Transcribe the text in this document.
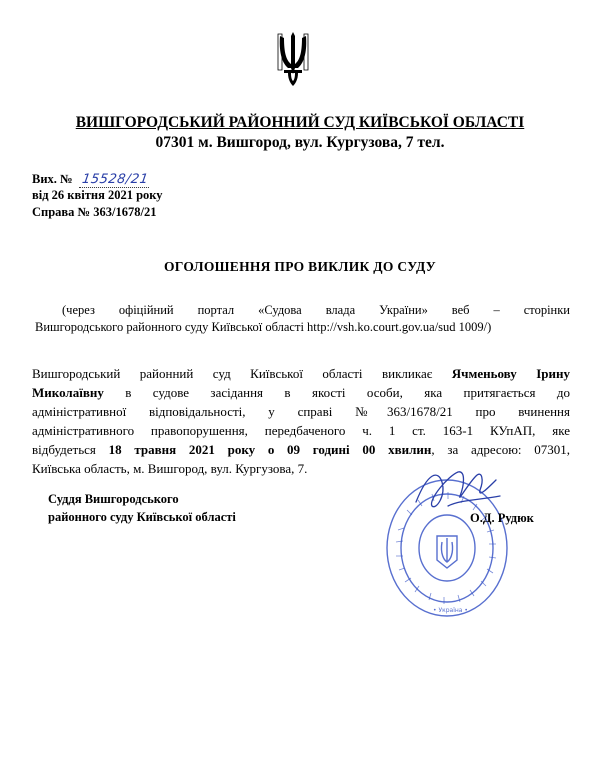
ВИШГОРОДСЬКИЙ РАЙОННИЙ СУД КИЇВСЬКОЇ ОБЛАСТІ
07301 м. Вишгород, вул. Кургузова, 7 тел.
Вих. № 15528/21
від 26 квітня 2021 року
Справа № 363/1678/21
ОГОЛОШЕННЯ ПРО ВИКЛИК ДО СУДУ
(через офіційний портал «Судова влада України» веб – сторінки
Вишгородського районного суду Київської області http://vsh.ko.court.gov.ua/sud 1009/)
Вишгородський районний суд Київської області викликає Ячменьову Ірину
Миколаївну в судове засідання в якості особи, яка притягається до
адміністративної відповідальності, у справі №363/1678/21 про вчинення
адміністративного правопорушення, передбаченого ч. 1 ст. 163-1 КУпАП, яке
відбудеться 18 травня 2021 року о 09 годині 00 хвилин, за адресою: 07301,
Київська область, м. Вишгород, вул. Кургузова, 7.
Суддя Вишгородського
районного суду Київської області
• Україна •
О.Д. Рудюк
